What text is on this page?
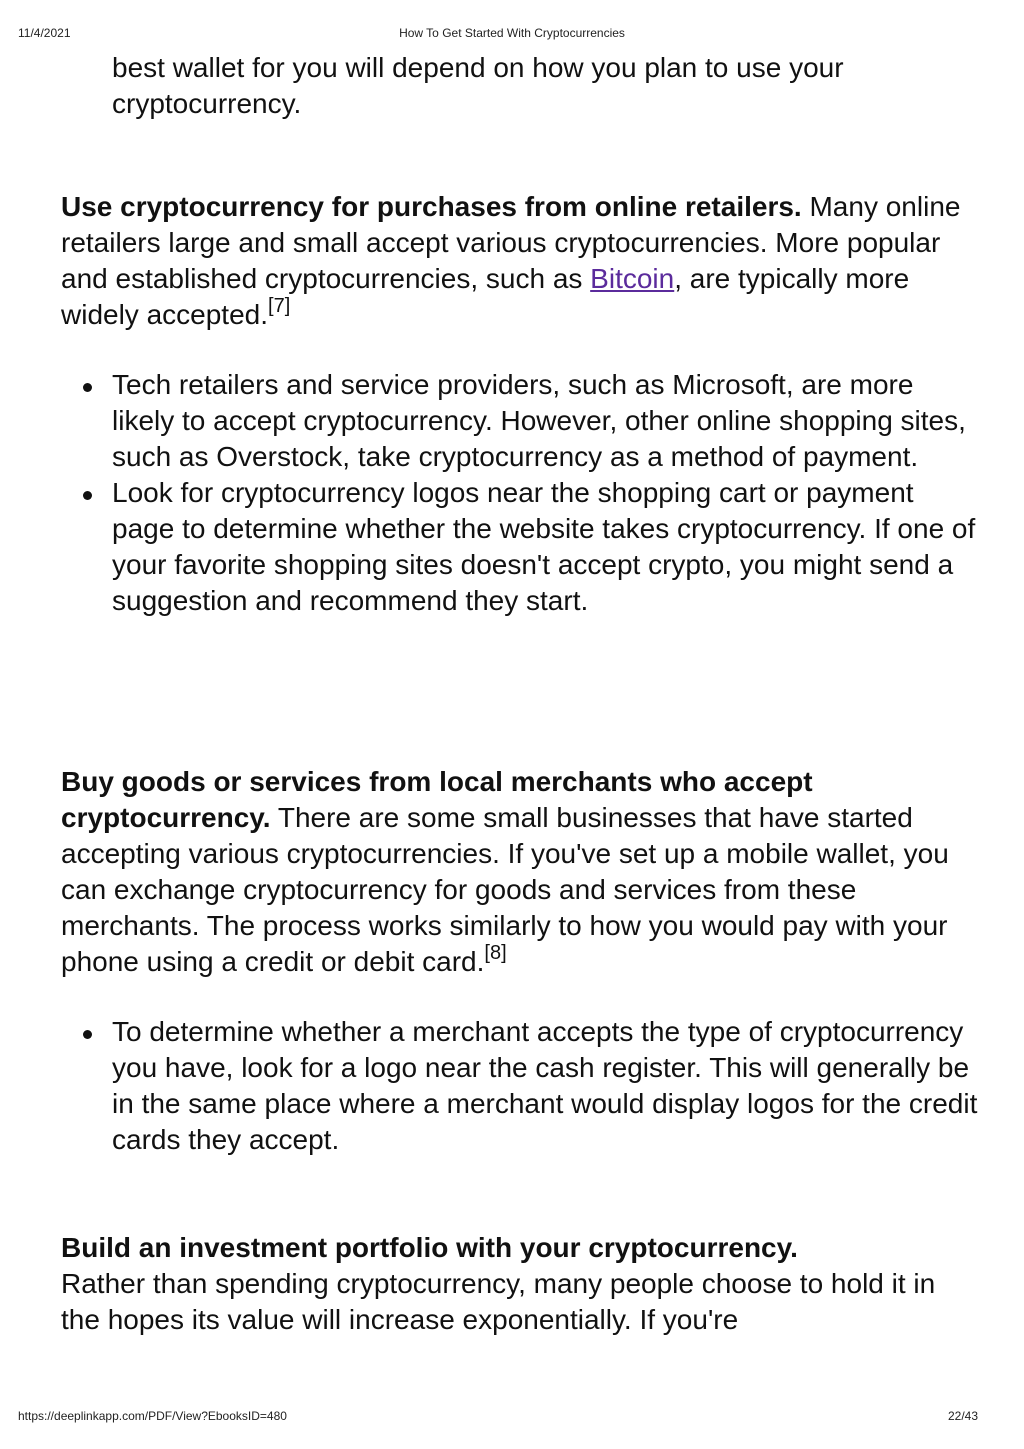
11/4/2021	How To Get Started With Cryptocurrencies

best wallet for you will depend on how you plan to use your cryptocurrency.

Use cryptocurrency for purchases from online retailers. Many online retailers large and small accept various cryptocurrencies. More popular and established cryptocurrencies, such as Bitcoin, are typically more widely accepted.[7]

Tech retailers and service providers, such as Microsoft, are more likely to accept cryptocurrency. However, other online shopping sites, such as Overstock, take cryptocurrency as a method of payment.
Look for cryptocurrency logos near the shopping cart or payment page to determine whether the website takes cryptocurrency. If one of your favorite shopping sites doesn't accept crypto, you might send a suggestion and recommend they start.

Buy goods or services from local merchants who accept cryptocurrency. There are some small businesses that have started accepting various cryptocurrencies. If you've set up a mobile wallet, you can exchange cryptocurrency for goods and services from these merchants. The process works similarly to how you would pay with your phone using a credit or debit card.[8]

To determine whether a merchant accepts the type of cryptocurrency you have, look for a logo near the cash register. This will generally be in the same place where a merchant would display logos for the credit cards they accept.

Build an investment portfolio with your cryptocurrency.
Rather than spending cryptocurrency, many people choose to hold it in the hopes its value will increase exponentially. If you're

https://deeplinkapp.com/PDF/View?EbooksID=480	22/43
